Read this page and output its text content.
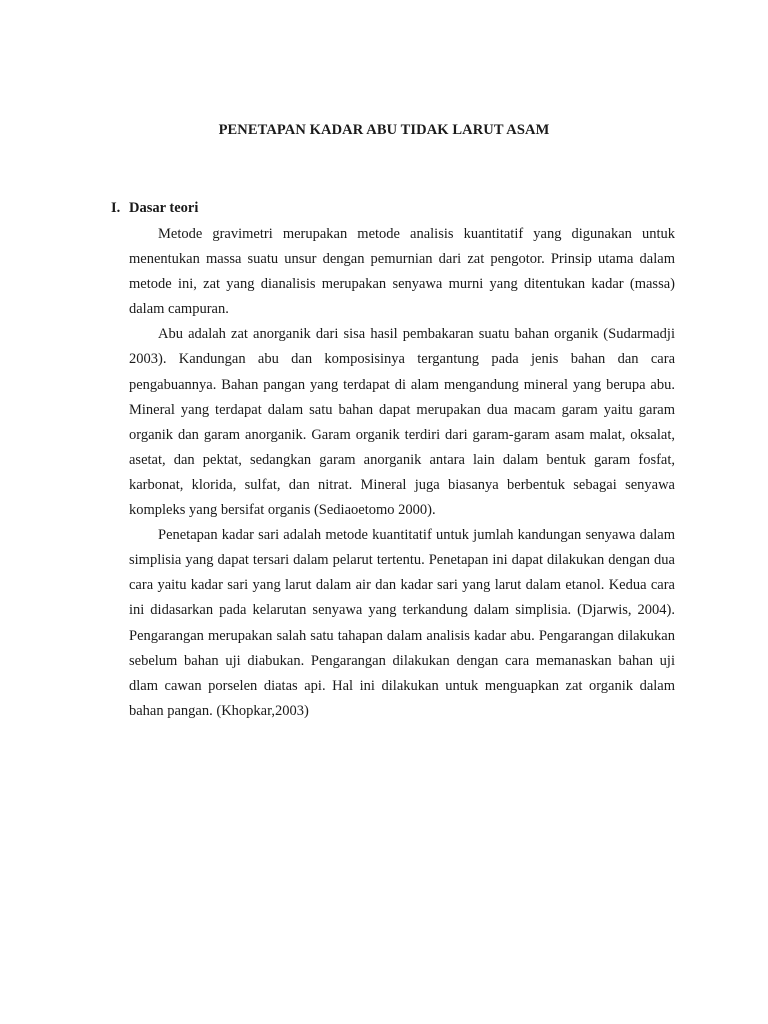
PENETAPAN KADAR ABU TIDAK LARUT ASAM
I. Dasar teori

Metode gravimetri merupakan metode analisis kuantitatif yang digunakan untuk menentukan massa suatu unsur dengan pemurnian dari zat pengotor. Prinsip utama dalam metode ini, zat yang dianalisis merupakan senyawa murni yang ditentukan kadar (massa) dalam campuran.

Abu adalah zat anorganik dari sisa hasil pembakaran suatu bahan organik (Sudarmadji 2003). Kandungan abu dan komposisinya tergantung pada jenis bahan dan cara pengabuannya. Bahan pangan yang terdapat di alam mengandung mineral yang berupa abu. Mineral yang terdapat dalam satu bahan dapat merupakan dua macam garam yaitu garam organik dan garam anorganik. Garam organik terdiri dari garam-garam asam malat, oksalat, asetat, dan pektat, sedangkan garam anorganik antara lain dalam bentuk garam fosfat, karbonat, klorida, sulfat, dan nitrat. Mineral juga biasanya berbentuk sebagai senyawa kompleks yang bersifat organis (Sediaoetomo 2000).

Penetapan kadar sari adalah metode kuantitatif untuk jumlah kandungan senyawa dalam simplisia yang dapat tersari dalam pelarut tertentu. Penetapan ini dapat dilakukan dengan dua cara yaitu kadar sari yang larut dalam air dan kadar sari yang larut dalam etanol. Kedua cara ini didasarkan pada kelarutan senyawa yang terkandung dalam simplisia. (Djarwis, 2004). Pengarangan merupakan salah satu tahapan dalam analisis kadar abu. Pengarangan dilakukan sebelum bahan uji diabukan. Pengarangan dilakukan dengan cara memanaskan bahan uji dlam cawan porselen diatas api. Hal ini dilakukan untuk menguapkan zat organik dalam bahan pangan. (Khopkar,2003)
